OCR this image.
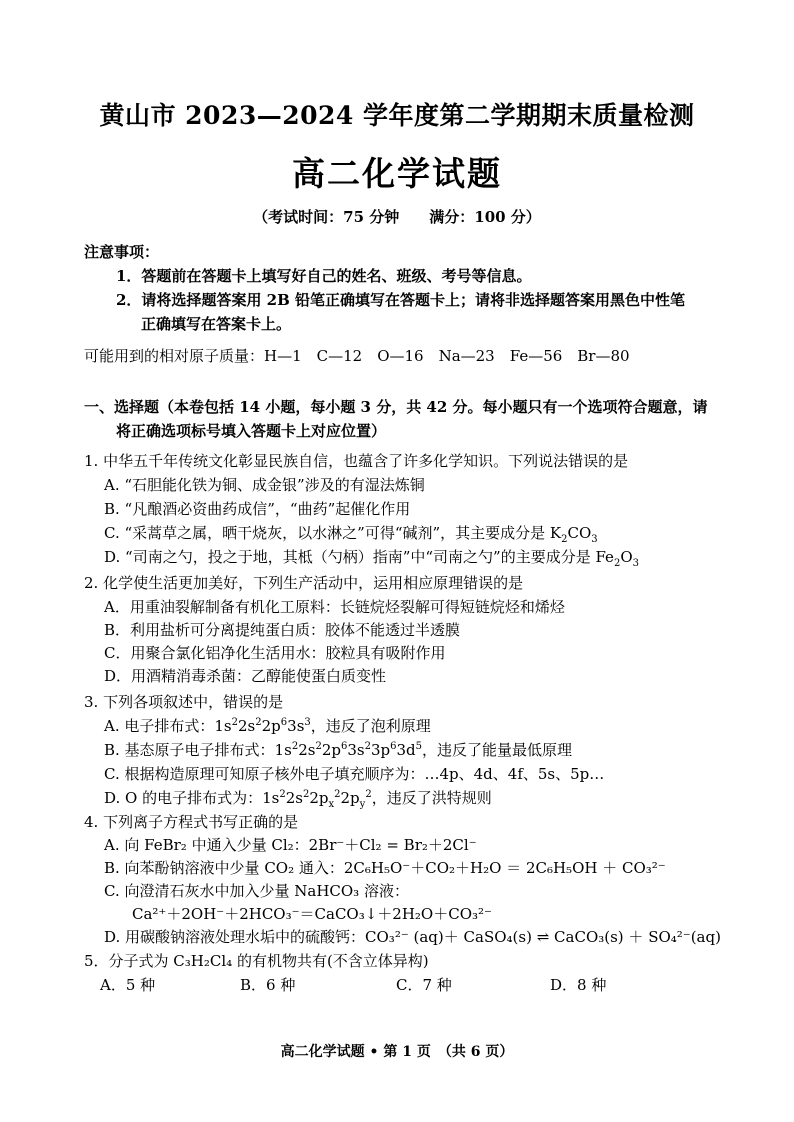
黄山市 2023—2024 学年度第二学期期末质量检测
高二化学试题
（考试时间：75 分钟　　满分：100 分）
注意事项：
1．答题前在答题卡上填写好自己的姓名、班级、考号等信息。
2．请将选择题答案用 2B 铅笔正确填写在答题卡上；请将非选择题答案用黑色中性笔
正确填写在答案卡上。
可能用到的相对原子质量：H—1　C—12　O—16　Na—23　Fe—56　Br—80
一、选择题（本卷包括 14 小题，每小题 3 分，共 42 分。每小题只有一个选项符合题意，请
将正确选项标号填入答题卡上对应位置）
1. 中华五千年传统文化彰显民族自信，也蕴含了许多化学知识。下列说法错误的是
A. “石胆能化铁为铜、成金银”涉及的有湿法炼铜
B. “凡酿酒必资曲药成信”，“曲药”起催化作用
C. “采蒿草之属，晒干烧灰，以水淋之”可得“碱剂”，其主要成分是 $K_2CO_3$
D. “司南之勺，投之于地，其柢（勺柄）指南”中“司南之勺”的主要成分是 $Fe_2O_3$
2. 化学使生活更加美好，下列生产活动中，运用相应原理错误的是
A．用重油裂解制备有机化工原料：长链烷烃裂解可得短链烷烃和烯烃
B．利用盐析可分离提纯蛋白质：胶体不能透过半透膜
C．用聚合氯化铝净化生活用水：胶粒具有吸附作用
D．用酒精消毒杀菌：乙醇能使蛋白质变性
3. 下列各项叙述中，错误的是
A. 电子排布式：$1s^22s^22p^63s^3$，违反了泡利原理
B. 基态原子电子排布式：$1s^22s^22p^63s^23p^63d^5$，违反了能量最低原理
C. 根据构造原理可知原子核外电子填充顺序为：…4p、4d、4f、5s、5p…
D. O 的电子排布式为：$1s^22s^22p_x^22p_y^2$，违反了洪特规则
4. 下列离子方程式书写正确的是
A. 向 FeBr₂ 中通入少量 Cl₂：2Br⁻＋Cl₂ = Br₂＋2Cl⁻
B. 向苯酚钠溶液中少量 CO₂ 通入：2C₆H₅O⁻＋CO₂＋H₂O ＝ 2C₆H₅OH ＋ CO₃²⁻
C. 向澄清石灰水中加入少量 NaHCO₃ 溶液：
Ca²⁺＋2OH⁻＋2HCO₃⁻＝CaCO₃↓＋2H₂O＋CO₃²⁻
D. 用碳酸钠溶液处理水垢中的硫酸钙：CO₃²⁻ (aq)＋ CaSO₄(s) ⇌ CaCO₃(s) ＋ SO₄²⁻(aq)
5．分子式为 C₃H₂Cl₄ 的有机物共有(不含立体异构)
A．5 种	B．6 种	C．7 种	D．8 种
高二化学试题 • 第 1 页　（共 6 页）
